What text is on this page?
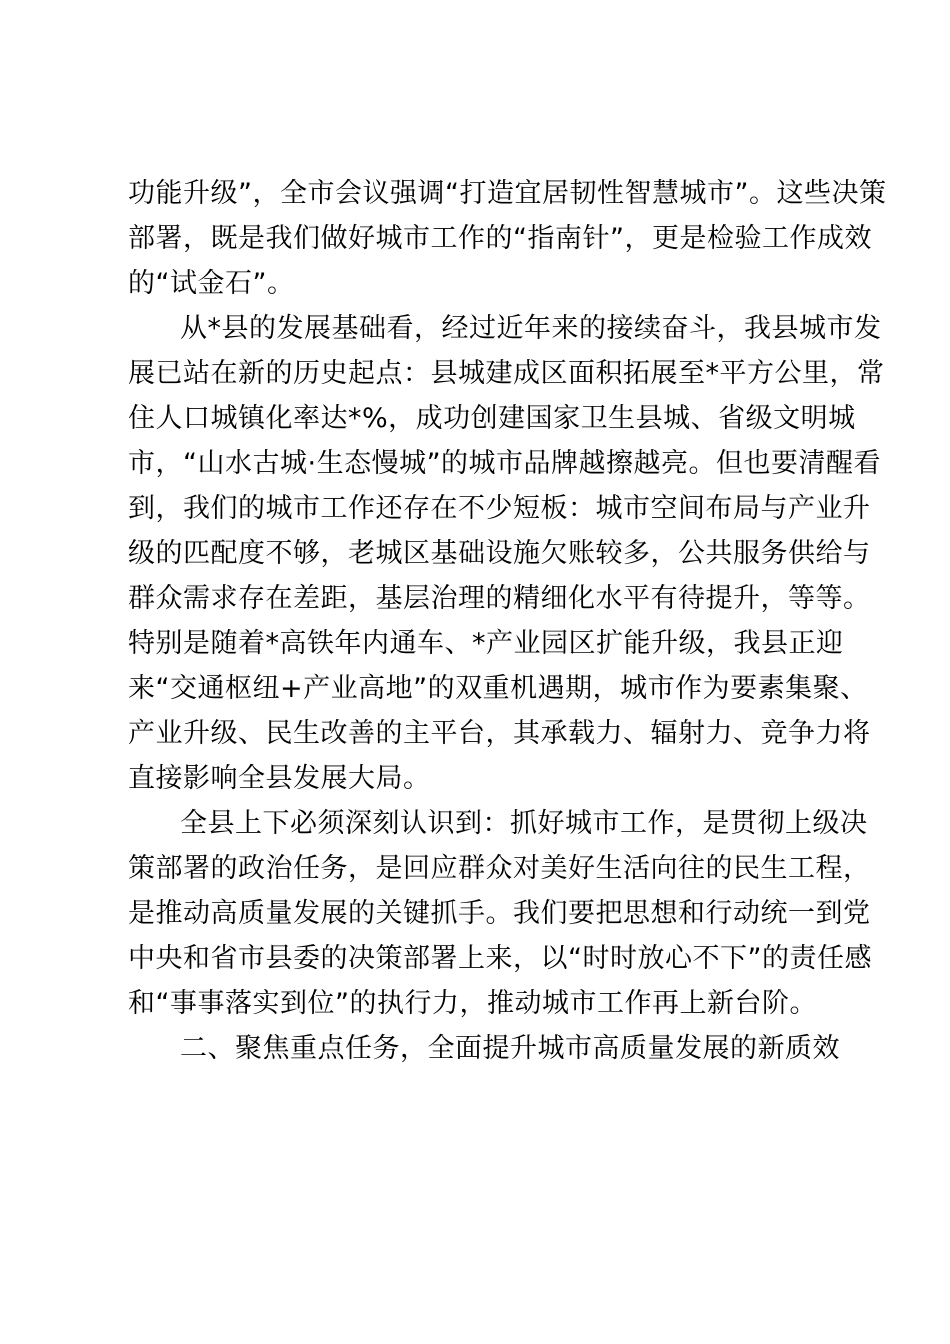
功能升级”，全市会议强调“打造宜居韧性智慧城市”。这些决策

部署，既是我们做好城市工作的“指南针”，更是检验工作成效

的“试金石”。

从*县的发展基础看，经过近年来的接续奋斗，我县城市发

展已站在新的历史起点：县城建成区面积拓展至*平方公里，常

住人口城镇化率达*%，成功创建国家卫生县城、省级文明城

市，“山水古城·生态慢城”的城市品牌越擦越亮。但也要清醒看

到，我们的城市工作还存在不少短板：城市空间布局与产业升

级的匹配度不够，老城区基础设施欠账较多，公共服务供给与

群众需求存在差距，基层治理的精细化水平有待提升，等等。

特别是随着*高铁年内通车、*产业园区扩能升级，我县正迎

来“交通枢纽+产业高地”的双重机遇期，城市作为要素集聚、

产业升级、民生改善的主平台，其承载力、辐射力、竞争力将

直接影响全县发展大局。

全县上下必须深刻认识到：抓好城市工作，是贯彻上级决

策部署的政治任务，是回应群众对美好生活向往的民生工程，

是推动高质量发展的关键抓手。我们要把思想和行动统一到党

中央和省市县委的决策部署上来，以“时时放心不下”的责任感

和“事事落实到位”的执行力，推动城市工作再上新台阶。

二、聚焦重点任务，全面提升城市高质量发展的新质效
